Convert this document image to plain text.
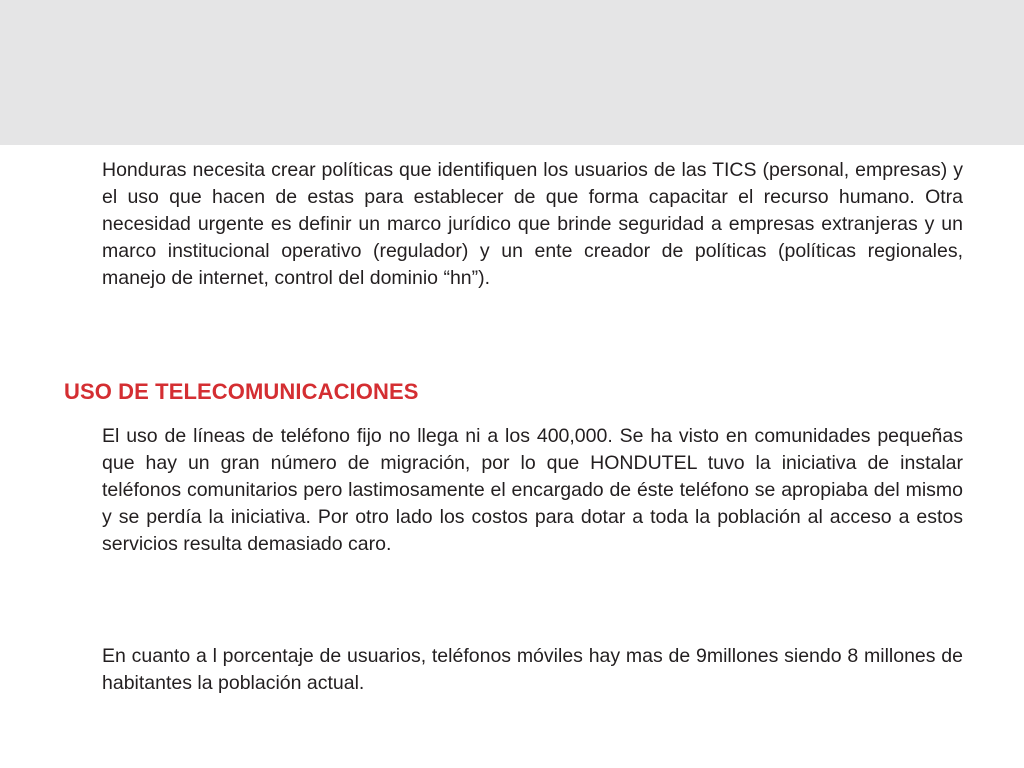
Honduras necesita crear políticas que identifiquen los usuarios de las TICS (personal, empresas) y el uso que hacen de estas para establecer de que forma capacitar el recurso humano. Otra necesidad urgente es definir un marco jurídico que brinde seguridad a empresas extranjeras y un marco institucional operativo (regulador) y un ente creador de políticas (políticas regionales, manejo de internet, control del dominio “hn”).

USO DE TELECOMUNICACIONES

El uso de líneas de teléfono fijo no llega ni a los 400,000. Se ha visto en comunidades pequeñas que hay un gran número de migración, por lo que HONDUTEL tuvo la iniciativa de instalar teléfonos comunitarios pero lastimosamente el encargado de éste teléfono se apropiaba del mismo y se perdía la iniciativa. Por otro lado los costos para dotar a toda la población al acceso a estos servicios resulta demasiado caro.

En cuanto a l porcentaje de usuarios, teléfonos móviles hay mas de 9millones siendo 8 millones de habitantes la población actual.
